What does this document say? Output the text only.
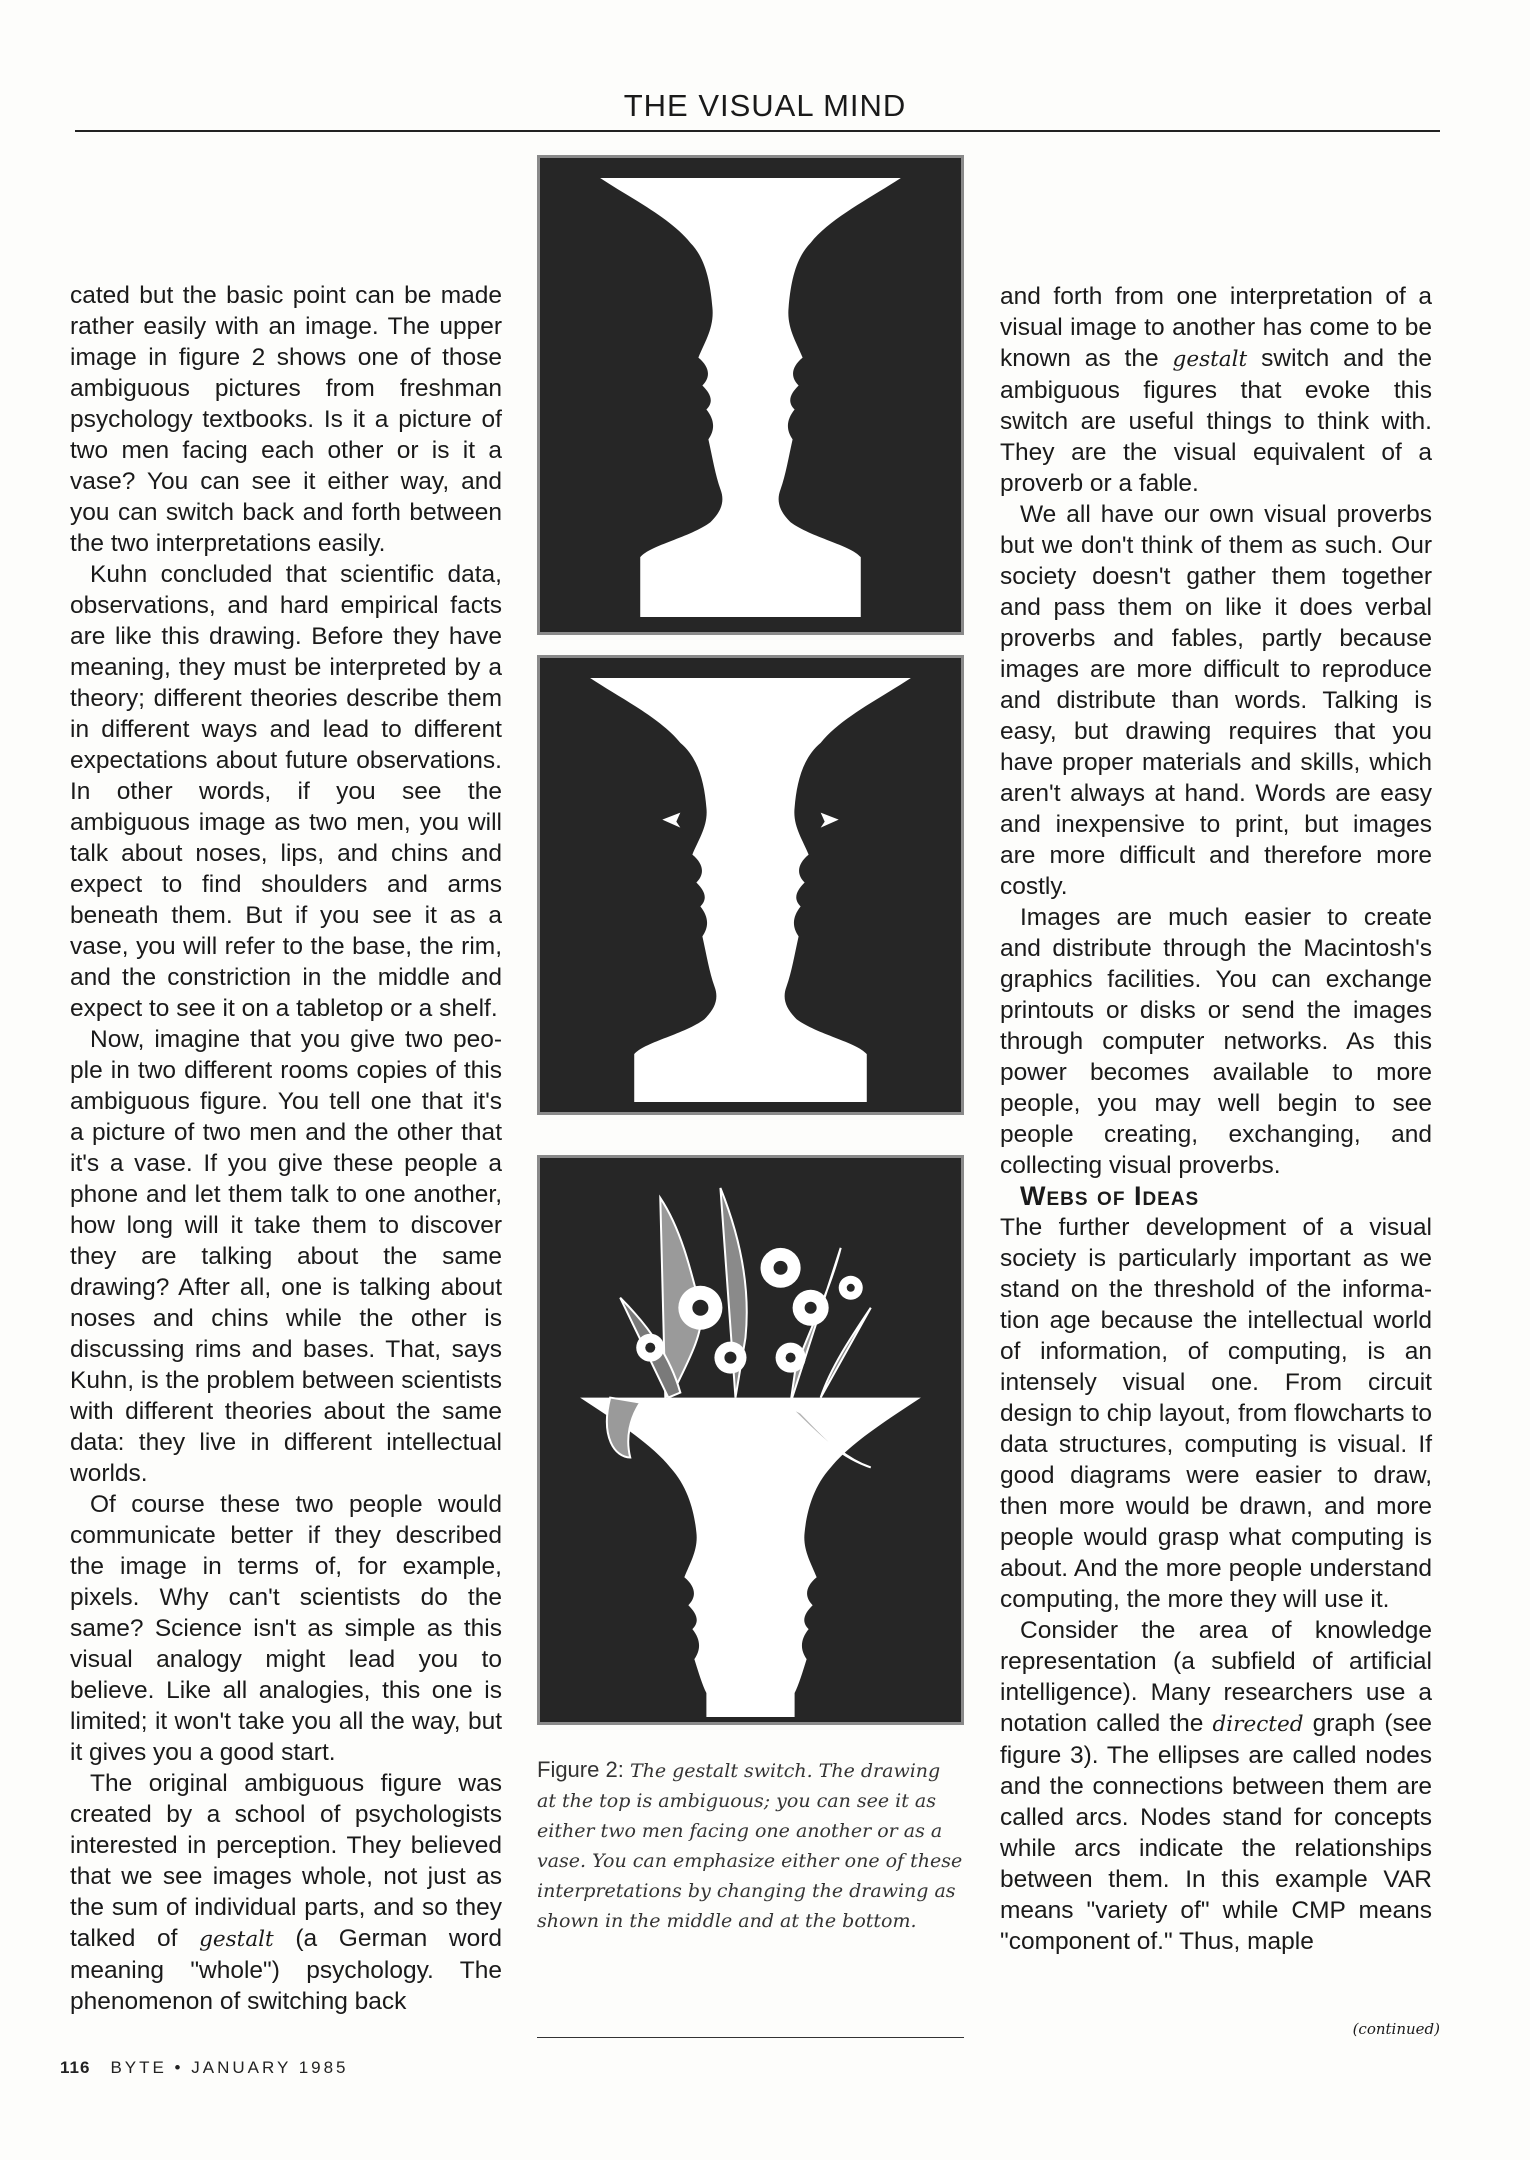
THE VISUAL MIND

cated but the basic point can be made rather easily with an image. The upper image in figure 2 shows one of those ambiguous pictures from freshman psychology textbooks. Is it a picture of two men facing each other or is it a vase? You can see it either way, and you can switch back and forth between the two interpretations easily.

Kuhn concluded that scientific data, observations, and hard empirical facts are like this drawing. Before they have meaning, they must be interpreted by a theory; different theories describe them in different ways and lead to different expectations about future observations. In other words, if you see the ambiguous image as two men, you will talk about noses, lips, and chins and expect to find shoulders and arms beneath them. But if you see it as a vase, you will refer to the base, the rim, and the constriction in the middle and expect to see it on a tabletop or a shelf.

Now, imagine that you give two people in two different rooms copies of this ambiguous figure. You tell one that it's a picture of two men and the other that it's a vase. If you give these people a phone and let them talk to one another, how long will it take them to discover they are talking about the same drawing? After all, one is talking about noses and chins while the other is discussing rims and bases. That, says Kuhn, is the problem between scientists with different theories about the same data: they live in different intellectual worlds.

Of course these two people would communicate better if they described the image in terms of, for example, pixels. Why can't scientists do the same? Science isn't as simple as this visual analogy might lead you to believe. Like all analogies, this one is limited; it won't take you all the way, but it gives you a good start.

The original ambiguous figure was created by a school of psychologists interested in perception. They believed that we see images whole, not just as the sum of individual parts, and so they talked of gestalt (a German word meaning "whole") psychology. The phenomenon of switching back

Figure 2: The gestalt switch. The drawing at the top is ambiguous; you can see it as either two men facing one another or as a vase. You can emphasize either one of these interpretations by changing the drawing as shown in the middle and at the bottom.

and forth from one interpretation of a visual image to another has come to be known as the gestalt switch and the ambiguous figures that evoke this switch are useful things to think with. They are the visual equivalent of a proverb or a fable.

We all have our own visual proverbs but we don't think of them as such. Our society doesn't gather them together and pass them on like it does verbal proverbs and fables, partly because images are more difficult to reproduce and distribute than words. Talking is easy, but drawing requires that you have proper materials and skills, which aren't always at hand. Words are easy and inexpensive to print, but images are more difficult and therefore more costly.

Images are much easier to create and distribute through the Macintosh's graphics facilities. You can exchange printouts or disks or send the images through computer networks. As this power becomes available to more people, you may well begin to see people creating, exchanging, and collecting visual proverbs.

Webs of Ideas

The further development of a visual society is particularly important as we stand on the threshold of the information age because the intellectual world of information, of computing, is an intensely visual one. From circuit design to chip layout, from flowcharts to data structures, computing is visual. If good diagrams were easier to draw, then more would be drawn, and more people would grasp what computing is about. And the more people understand computing, the more they will use it.

Consider the area of knowledge representation (a subfield of artificial intelligence). Many researchers use a notation called the directed graph (see figure 3). The ellipses are called nodes and the connections between them are called arcs. Nodes stand for concepts while arcs indicate the relationships between them. In this example VAR means "variety of" while CMP means "component of." Thus, maple

(continued)
116 BYTE • JANUARY 1985
